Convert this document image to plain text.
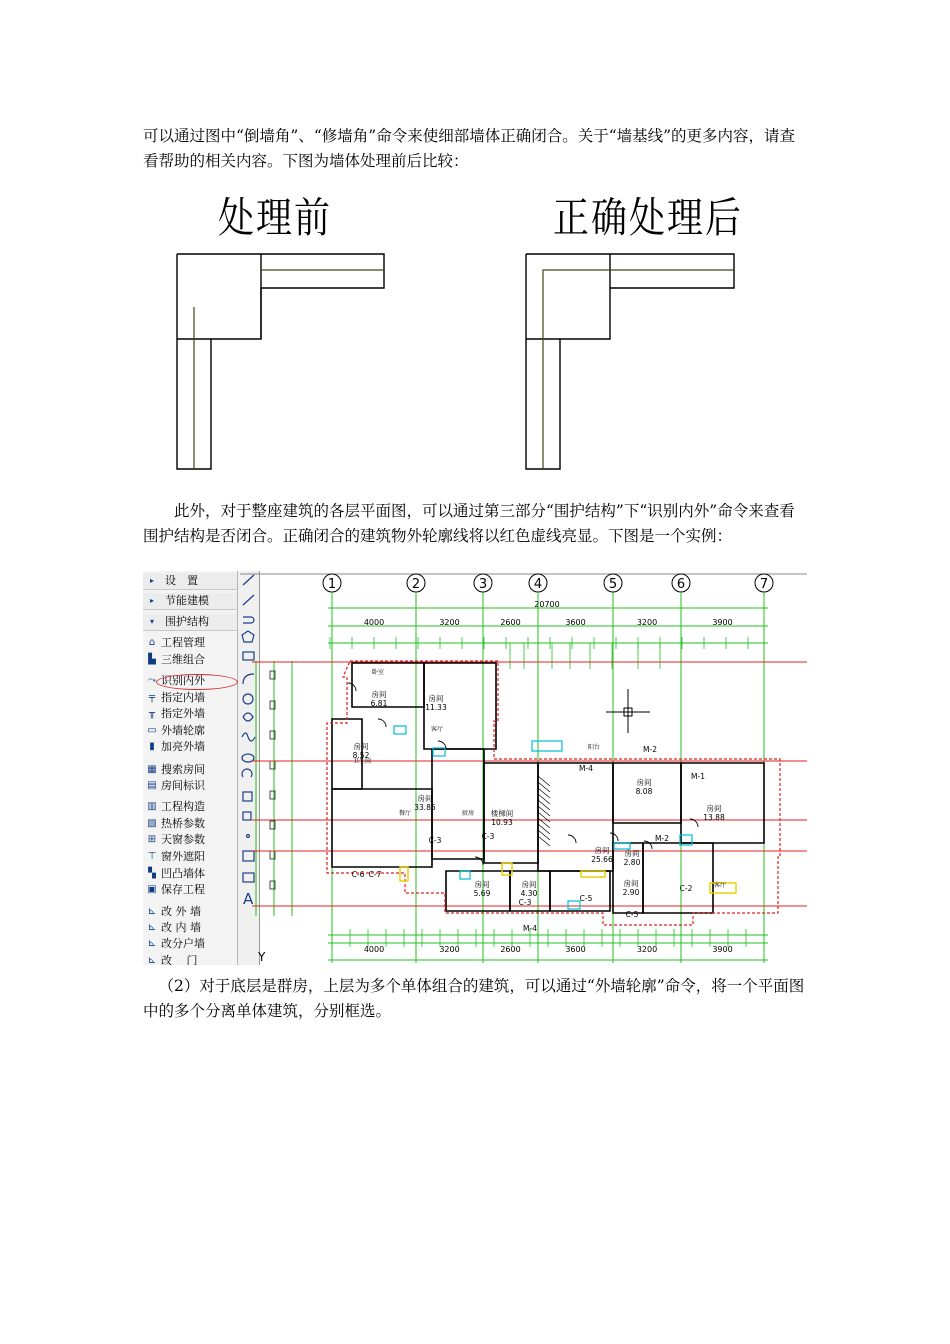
可以通过图中“倒墙角”、“修墙角”命令来使细部墙体正确闭合。关于“墙基线”的更多内容，请查看帮助的相关内容。下图为墙体处理前后比较：

处理前	正确处理后

此外，对于整座建筑的各层平面图，可以通过第三部分“围护结构”下“识别内外”命令来查看围护结构是否闭合。正确闭合的建筑物外轮廓线将以红色虚线亮显。下图是一个实例：

▸	设　置
▸	节能建模
▾	围护结构
⌂ 工程管理
▙ 三维组合
⤳ 识别内外
╤ 指定内墙
╥ 指定外墙
▭ 外墙轮廓
▮ 加亮外墙
▦ 搜索房间
▤ 房间标识
▥ 工程构造
▧ 热桥参数
⊞ 天窗参数
⊤ 窗外遮阳
▚ 凹凸墙体
▣ 保存工程
⊾ 改 外 墙
⊾ 改 内 墙
⊾ 改分户墙
⊾ 改　 门
A
1	2	3	4	5	6	7
20700
4000	3200	2600	3600	3200	3900
4000	3200	2600	3600	3200	3900
房间
6.81
房间
11.33
房间
8.52
房间
33.85
楼梯间
10.93
房间
25.66
房间
8.08
房间
13.88
房间
5.69
房间
4.30
房间
2.90
房间
2.80
C-6 C-7
C-3
M-4
M-2
C-5
C-3
M-4
C-5
C-2
M-2
C-3
M-1
卧室
客厅
卫生间
餐厅	厨房
阳台
客厅
Y

（2）对于底层是群房，上层为多个单体组合的建筑，可以通过“外墙轮廓”命令，将一个平面图中的多个分离单体建筑，分别框选。
